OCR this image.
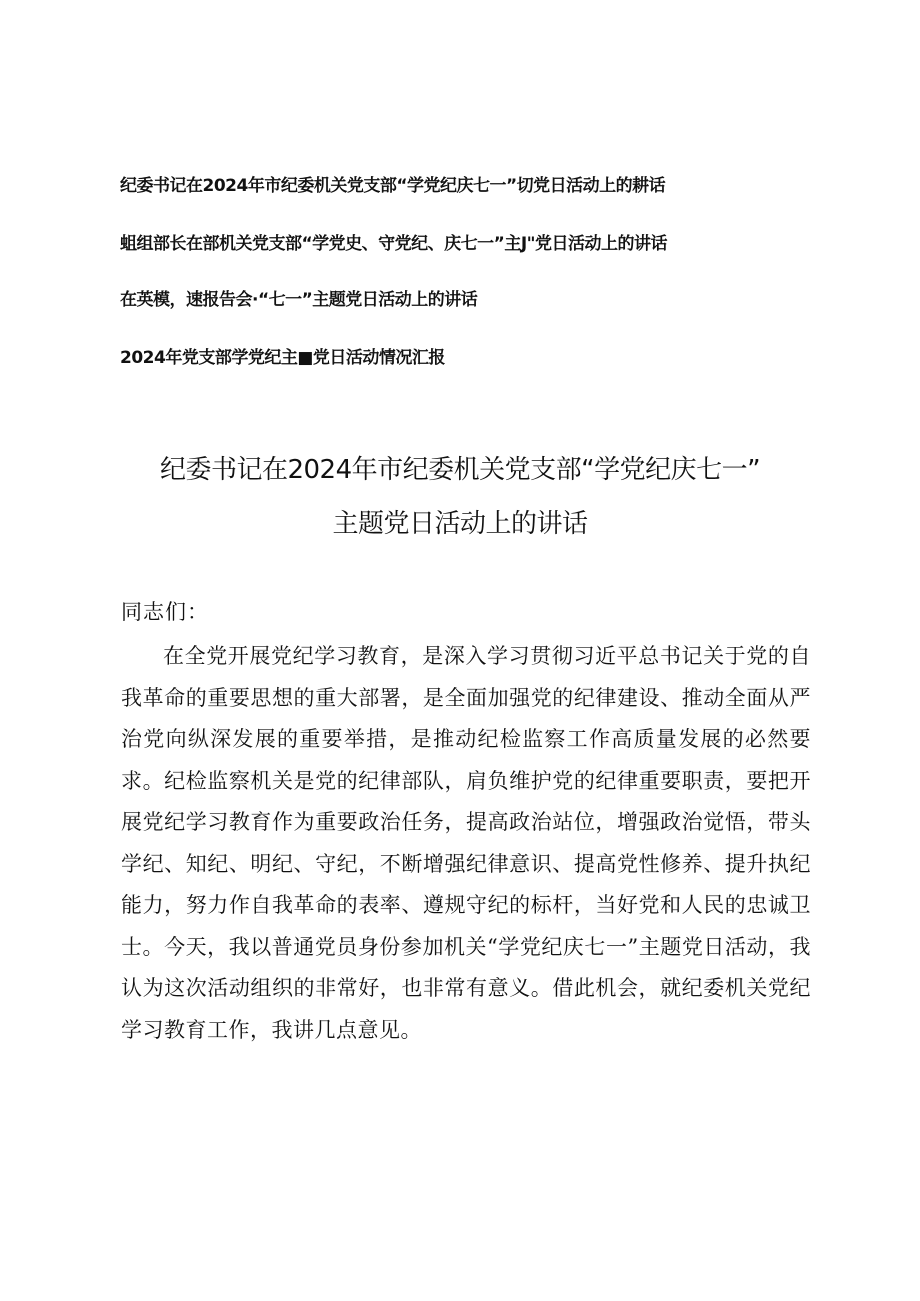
纪委书记在2024年市纪委机关党支部“学党纪庆七一”切党日活动上的耕话
蛆组部长在部机关党支部“学党史、守党纪、庆七一”主J"党日活动上的讲话
在英模，速报告会·“七一”主题党日活动上的讲话
2024年党支部学党纪主■党日活动情况汇报
纪委书记在2024年市纪委机关党支部“学党纪庆七一”
主题党日活动上的讲话
同志们：
在全党开展党纪学习教育，是深入学习贯彻习近平总书记关于党的自我革命的重要思想的重大部署，是全面加强党的纪律建设、推动全面从严治党向纵深发展的重要举措，是推动纪检监察工作高质量发展的必然要求。纪检监察机关是党的纪律部队，肩负维护党的纪律重要职责，要把开展党纪学习教育作为重要政治任务，提高政治站位，增强政治觉悟，带头学纪、知纪、明纪、守纪，不断增强纪律意识、提高党性修养、提升执纪能力，努力作自我革命的表率、遵规守纪的标杆，当好党和人民的忠诚卫士。今天，我以普通党员身份参加机关“学党纪庆七一”主题党日活动，我认为这次活动组织的非常好，也非常有意义。借此机会，就纪委机关党纪学习教育工作，我讲几点意见。
